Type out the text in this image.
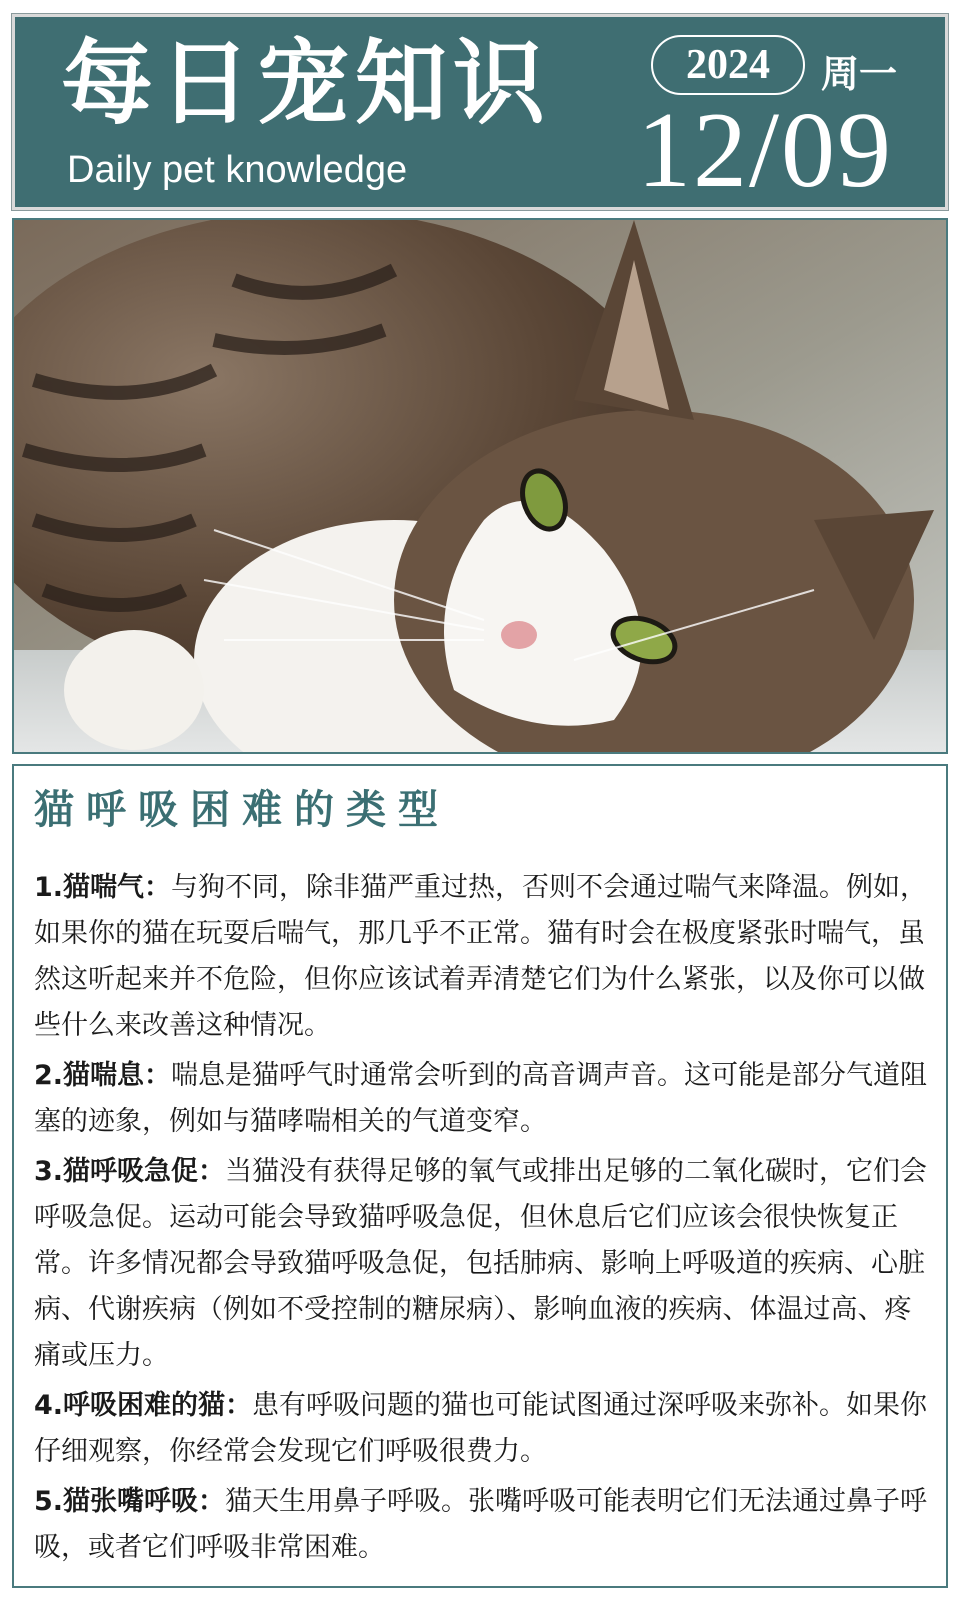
每日宠知识
Daily pet knowledge
2024	周一
12/09
猫呼吸困难的类型
1.猫喘气：与狗不同，除非猫严重过热，否则不会通过喘气来降温。例如，如果你的猫在玩耍后喘气，那几乎不正常。猫有时会在极度紧张时喘气，虽然这听起来并不危险，但你应该试着弄清楚它们为什么紧张，以及你可以做些什么来改善这种情况。
2.猫喘息：喘息是猫呼气时通常会听到的高音调声音。这可能是部分气道阻塞的迹象，例如与猫哮喘相关的气道变窄。
3.猫呼吸急促：当猫没有获得足够的氧气或排出足够的二氧化碳时，它们会呼吸急促。运动可能会导致猫呼吸急促，但休息后它们应该会很快恢复正常。许多情况都会导致猫呼吸急促，包括肺病、影响上呼吸道的疾病、心脏病、代谢疾病（例如不受控制的糖尿病）、影响血液的疾病、体温过高、疼痛或压力。
4.呼吸困难的猫：患有呼吸问题的猫也可能试图通过深呼吸来弥补。如果你仔细观察，你经常会发现它们呼吸很费力。
5.猫张嘴呼吸：猫天生用鼻子呼吸。张嘴呼吸可能表明它们无法通过鼻子呼吸，或者它们呼吸非常困难。
